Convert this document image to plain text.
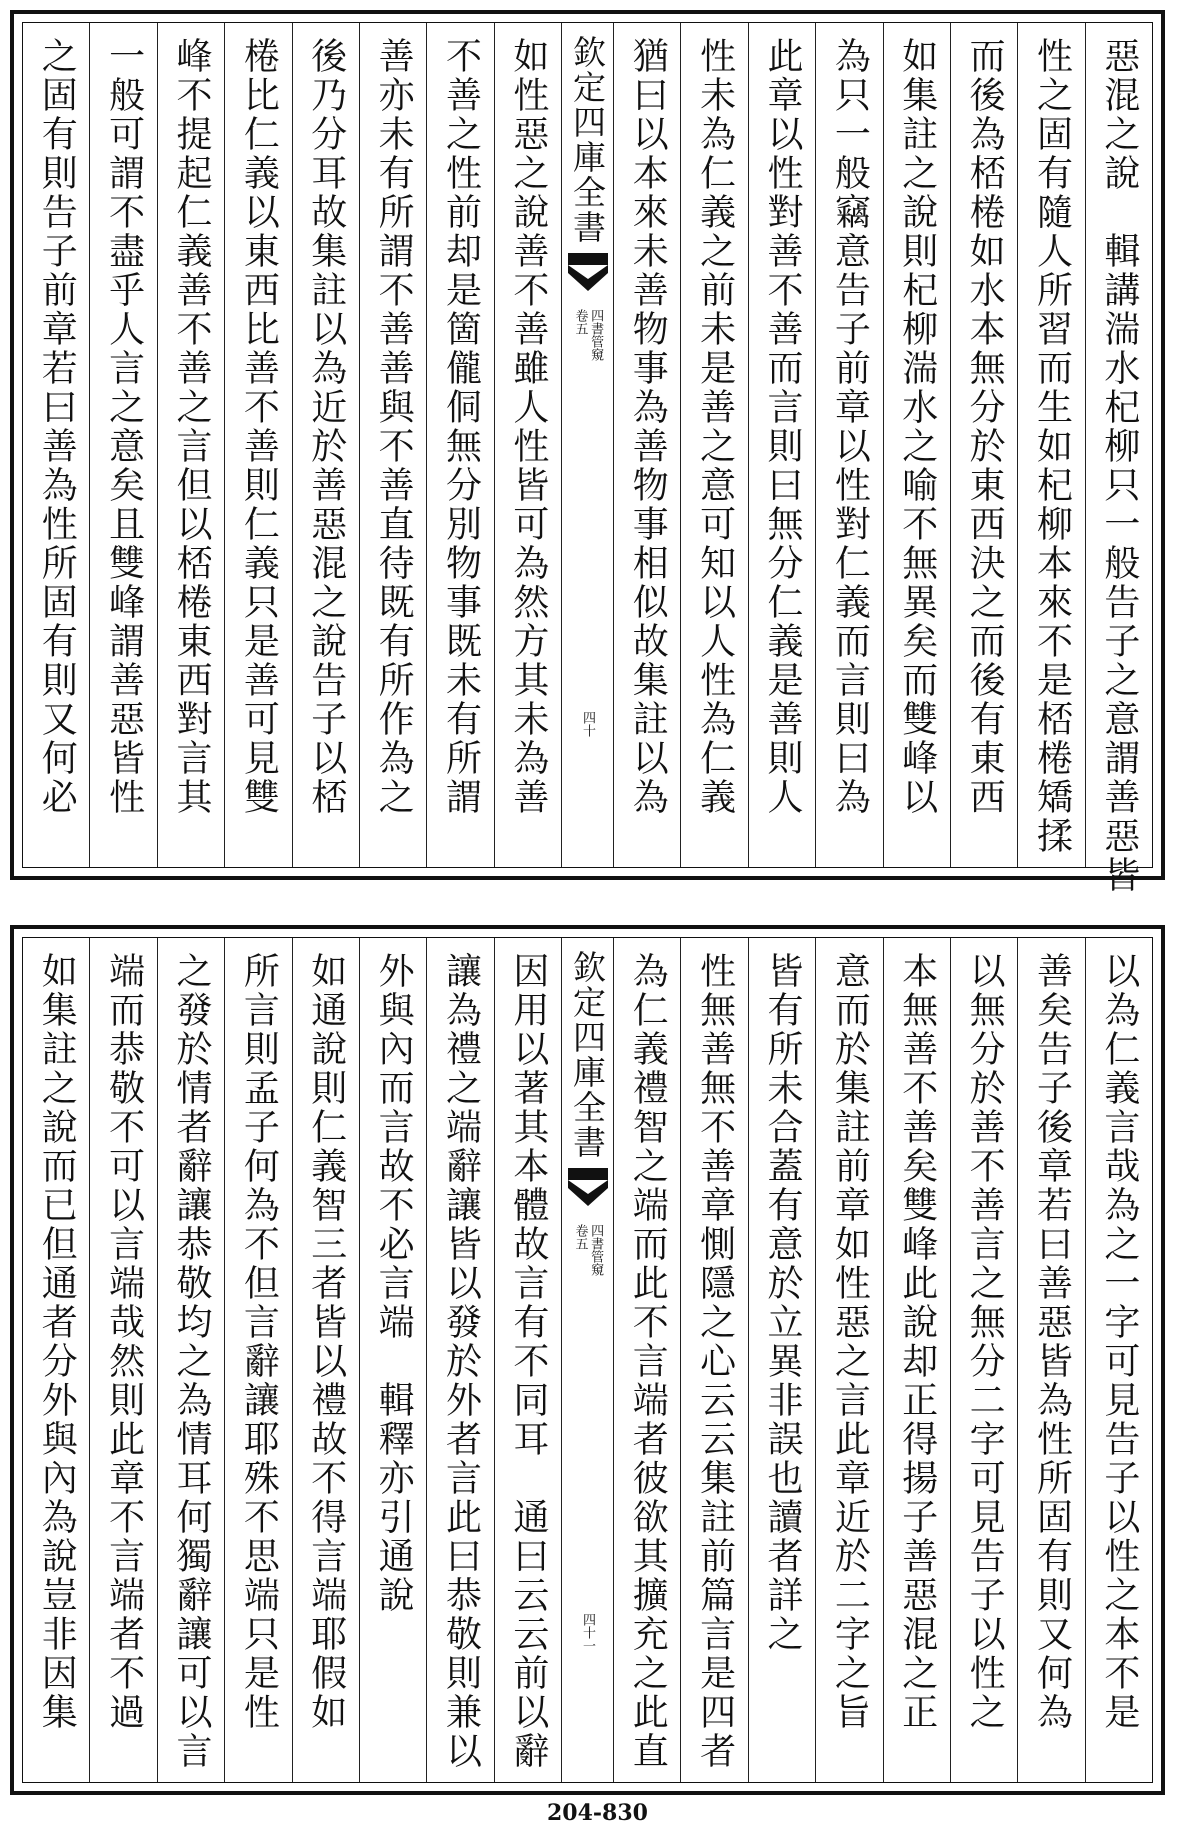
惡混之說　輯講湍水杞柳只一般告子之意謂善惡皆
性之固有隨人所習而生如杞柳本來不是桮棬矯揉
而後為桮棬如水本無分於東西決之而後有東西
如集註之說則杞柳湍水之喻不無異矣而雙峰以
為只一般竊意告子前章以性對仁義而言則曰為
此章以性對善不善而言則曰無分仁義是善則人
性未為仁義之前未是善之意可知以人性為仁義
猶曰以本來未善物事為善物事相似故集註以為
欽定四庫全書
四書管窺
卷五
四十
如性惡之說善不善雖人性皆可為然方其未為善
不善之性前却是箇儱侗無分別物事既未有所謂
善亦未有所謂不善善與不善直待既有所作為之
後乃分耳故集註以為近於善惡混之說告子以桮
棬比仁義以東西比善不善則仁義只是善可見雙
峰不提起仁義善不善之言但以桮棬東西對言其
一般可謂不盡乎人言之意矣且雙峰謂善惡皆性
之固有則告子前章若曰善為性所固有則又何必
以為仁義言哉為之一字可見告子以性之本不是
善矣告子後章若曰善惡皆為性所固有則又何為
以無分於善不善言之無分二字可見告子以性之
本無善不善矣雙峰此說却正得揚子善惡混之正
意而於集註前章如性惡之言此章近於二字之旨
皆有所未合蓋有意於立異非誤也讀者詳之
性無善無不善章惻隱之心云云集註前篇言是四者
為仁義禮智之端而此不言端者彼欲其擴充之此直
欽定四庫全書
四書管窺
卷五
四十一
因用以著其本體故言有不同耳　通曰云云前以辭
讓為禮之端辭讓皆以發於外者言此曰恭敬則兼以
外與內而言故不必言端　輯釋亦引通說
如通說則仁義智三者皆以禮故不得言端耶假如
所言則孟子何為不但言辭讓耶殊不思端只是性
之發於情者辭讓恭敬均之為情耳何獨辭讓可以言
端而恭敬不可以言端哉然則此章不言端者不過
如集註之說而已但通者分外與內為說豈非因集
204-830
